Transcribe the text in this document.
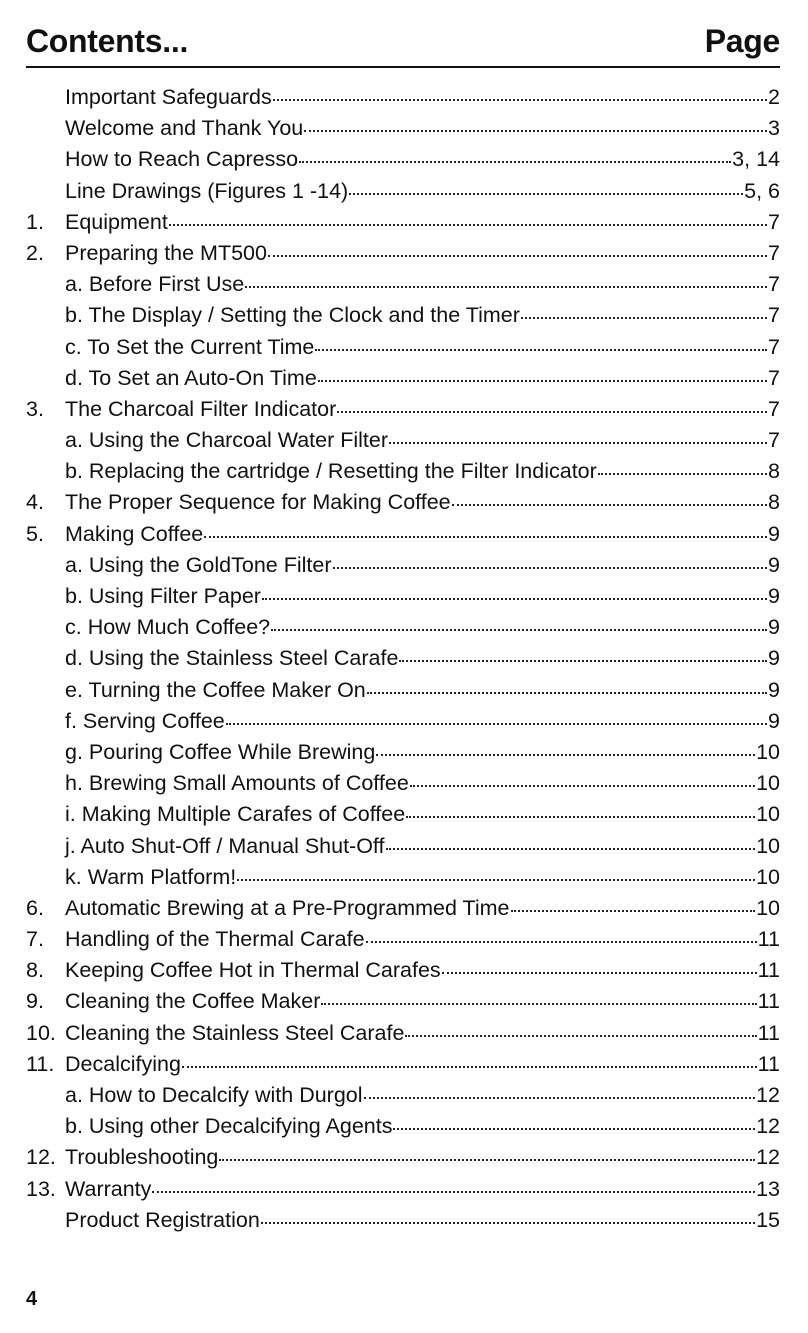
Contents...	Page
Important Safeguards	2
Welcome and Thank You	3
How to Reach Capresso	3, 14
Line Drawings (Figures 1 -14)	5, 6
1. Equipment	7
2. Preparing the MT500	7
a. Before First Use	7
b. The Display / Setting the Clock and the Timer	7
c. To Set the Current Time	7
d. To Set an Auto-On Time	7
3. The Charcoal Filter Indicator	7
a. Using the Charcoal Water Filter	7
b. Replacing the cartridge / Resetting the Filter Indicator	8
4. The Proper Sequence for Making Coffee	8
5. Making Coffee	9
a. Using the GoldTone Filter	9
b. Using Filter Paper	9
c. How Much Coffee?	9
d. Using the Stainless Steel Carafe	9
e. Turning the Coffee Maker On	9
f. Serving Coffee	9
g. Pouring Coffee While Brewing	10
h. Brewing Small Amounts of Coffee	10
i. Making Multiple Carafes of Coffee	10
j. Auto Shut-Off / Manual Shut-Off	10
k. Warm Platform!	10
6. Automatic Brewing at a Pre-Programmed Time	10
7. Handling of the Thermal Carafe	11
8. Keeping Coffee Hot in Thermal Carafes	11
9. Cleaning the Coffee Maker	11
10. Cleaning the Stainless Steel Carafe	11
11. Decalcifying	11
a. How to Decalcify with Durgol	12
b. Using other Decalcifying Agents	12
12. Troubleshooting	12
13. Warranty	13
Product Registration	15
4
